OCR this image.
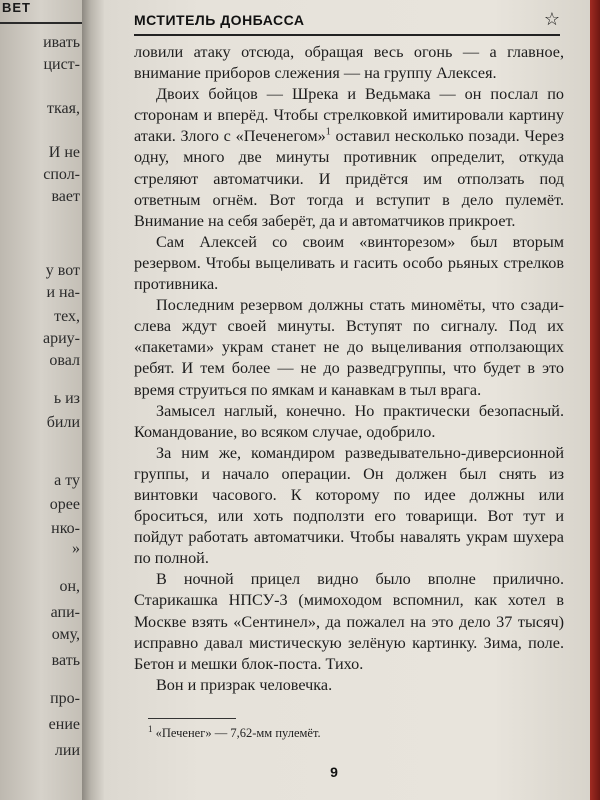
ВЕТ
ивать
цист-
ткая,
И не
спол-
вает
у вот
и на-
тех,
ариу-
овал
ь из
били
а ту
орее
нко-
»
он,
апи-
ому,
вать
про-
ение
лии
МСТИТЕЛЬ ДОНБАССА	☆

ловили атаку отсюда, обращая весь огонь — а главное, внимание приборов слежения — на группу Алексея.

Двоих бойцов — Шрека и Ведьмака — он послал по сторонам и вперёд. Чтобы стрелковкой имитировали картину атаки. Злого с «Печенегом»$^1$ оставил несколько позади. Через одну, много две минуты противник определит, откуда стреляют автоматчики. И придётся им отползать под ответным огнём. Вот тогда и вступит в дело пулемёт. Внимание на себя заберёт, да и автоматчиков прикроет.

Сам Алексей со своим «винторезом» был вторым резервом. Чтобы выцеливать и гасить особо рьяных стрелков противника.

Последним резервом должны стать миномёты, что сзади-слева ждут своей минуты. Вступят по сигналу. Под их «пакетами» украм станет не до выцеливания отползающих ребят. И тем более — не до разведгруппы, что будет в это время струиться по ямкам и канавкам в тыл врага.

Замысел наглый, конечно. Но практически безопасный. Командование, во всяком случае, одобрило.

За ним же, командиром разведывательно-диверсионной группы, и начало операции. Он должен был снять из винтовки часового. К которому по идее должны или броситься, или хоть подползти его товарищи. Вот тут и пойдут работать автоматчики. Чтобы навалять укрaм шухера по полной.

В ночной прицел видно было вполне прилично. Старикашка НПСУ-3 (мимоходом вспомнил, как хотел в Москве взять «Сентинел», да пожалел на это дело 37 тысяч) исправно давал мистическую зелёную картинку. Зима, поле. Бетон и мешки блок-поста. Тихо.

Вон и призрак человечка.

$^1$ «Печенег» — 7,62-мм пулемёт.
9
